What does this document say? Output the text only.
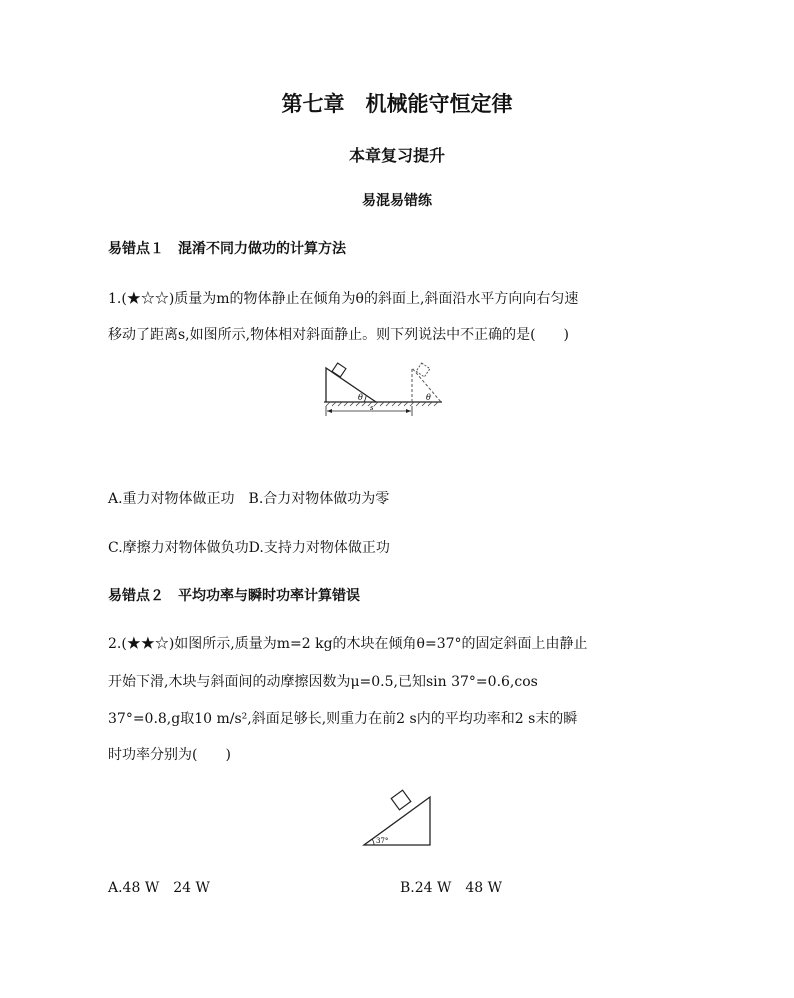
第七章　机械能守恒定律
本章复习提升
易混易错练
易错点１　混淆不同力做功的计算方法
1.(★☆☆)质量为m的物体静止在倾角为θ的斜面上,斜面沿水平方向向右匀速
移动了距离s,如图所示,物体相对斜面静止。则下列说法中不正确的是(　　)
θ	θ
s
A.重力对物体做正功　B.合力对物体做功为零
C.摩擦力对物体做负功D.支持力对物体做正功
易错点２　平均功率与瞬时功率计算错误
2.(★★☆)如图所示,质量为m=2 kg的木块在倾角θ=37°的固定斜面上由静止
开始下滑,木块与斜面间的动摩擦因数为μ=0.5,已知sin 37°=0.6,cos
37°=0.8,g取10 m/s²,斜面足够长,则重力在前2 s内的平均功率和2 s末的瞬
时功率分别为(　　)
37°
A.48 W　24 W	B.24 W　48 W
